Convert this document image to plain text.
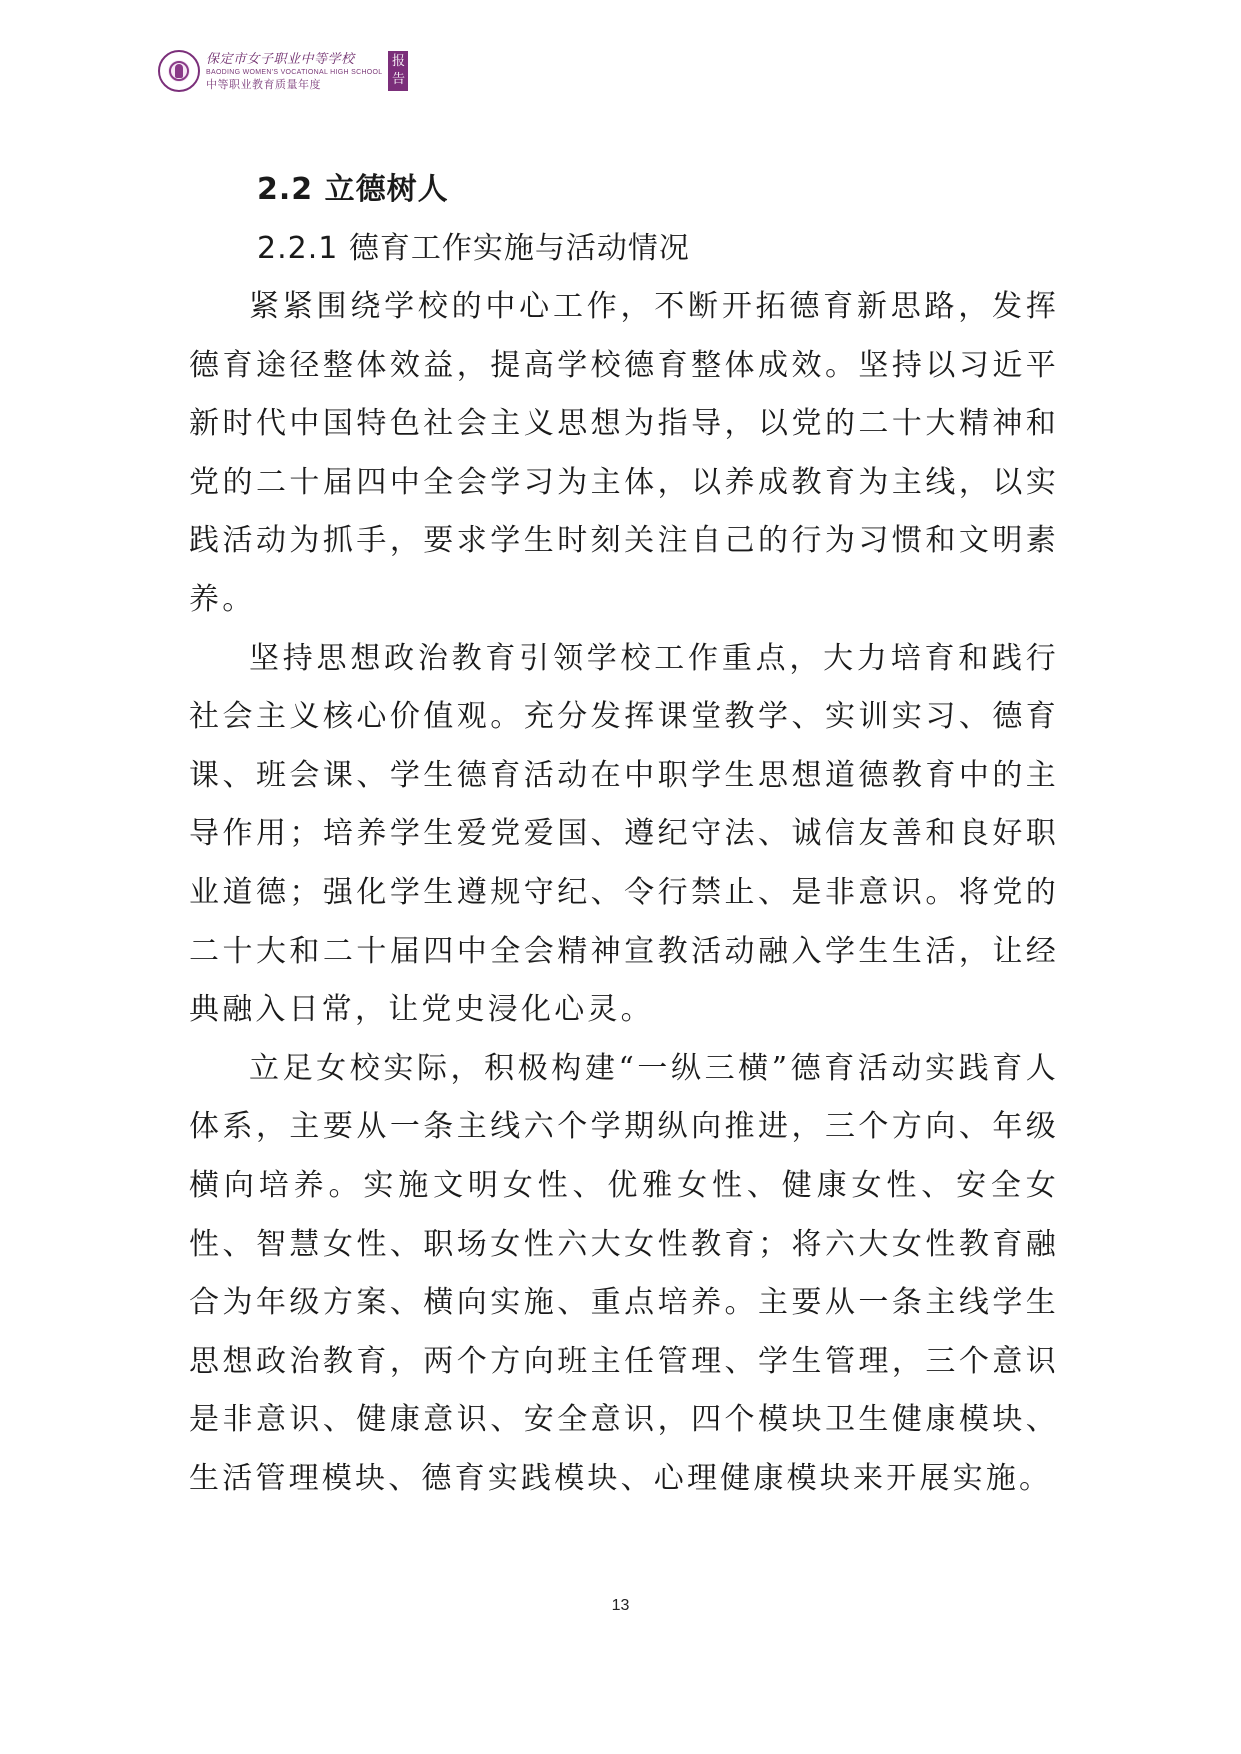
保定市女子职业中等学校
BAODING WOMEN'S VOCATIONAL HIGH SCHOOL
中等职业教育质量年度
报告
2.2 立德树人
2.2.1 德育工作实施与活动情况

紧紧围绕学校的中心工作，不断开拓德育新思路，发挥德育途径整体效益，提高学校德育整体成效。坚持以习近平新时代中国特色社会主义思想为指导，以党的二十大精神和党的二十届四中全会学习为主体，以养成教育为主线，以实践活动为抓手，要求学生时刻关注自己的行为习惯和文明素养。

坚持思想政治教育引领学校工作重点，大力培育和践行社会主义核心价值观。充分发挥课堂教学、实训实习、德育课、班会课、学生德育活动在中职学生思想道德教育中的主导作用；培养学生爱党爱国、遵纪守法、诚信友善和良好职业道德；强化学生遵规守纪、令行禁止、是非意识。将党的二十大和二十届四中全会精神宣教活动融入学生生活，让经典融入日常，让党史浸化心灵。

立足女校实际，积极构建“一纵三横”德育活动实践育人体系，主要从一条主线六个学期纵向推进，三个方向、年级横向培养。实施文明女性、优雅女性、健康女性、安全女性、智慧女性、职场女性六大女性教育；将六大女性教育融合为年级方案、横向实施、重点培养。主要从一条主线学生思想政治教育，两个方向班主任管理、学生管理，三个意识是非意识、健康意识、安全意识，四个模块卫生健康模块、生活管理模块、德育实践模块、心理健康模块来开展实施。

13
